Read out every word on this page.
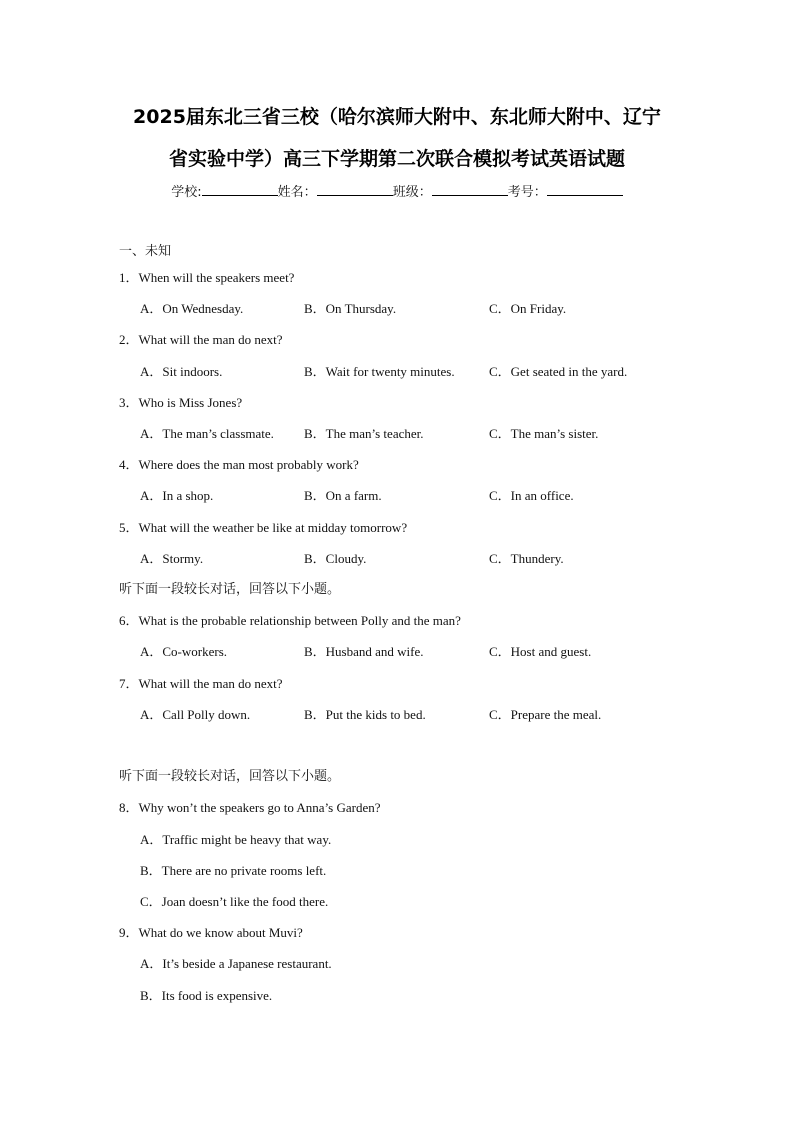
2025届东北三省三校（哈尔滨师大附中、东北师大附中、辽宁
省实验中学）高三下学期第二次联合模拟考试英语试题
学校:	姓名：	班级：	考号：
一、未知
1．When will the speakers meet?
A．On Wednesday.	B．On Thursday.	C．On Friday.
2．What will the man do next?
A．Sit indoors.	B．Wait for twenty minutes.	C．Get seated in the yard.
3．Who is Miss Jones?
A．The man’s classmate. B．The man’s teacher.	C．The man’s sister.
4．Where does the man most probably work?
A．In a shop.	B．On a farm.	C．In an office.
5．What will the weather be like at midday tomorrow?
A．Stormy.	B．Cloudy.	C．Thundery.
听下面一段较长对话，回答以下小题。
6．What is the probable relationship between Polly and the man?
A．Co-workers.	B．Husband and wife.	C．Host and guest.
7．What will the man do next?
A．Call Polly down.	B．Put the kids to bed.	C．Prepare the meal.
听下面一段较长对话，回答以下小题。
8．Why won’t the speakers go to Anna’s Garden?
A．Traffic might be heavy that way.
B．There are no private rooms left.
C．Joan doesn’t like the food there.
9．What do we know about Muvi?
A．It’s beside a Japanese restaurant.
B．Its food is expensive.
